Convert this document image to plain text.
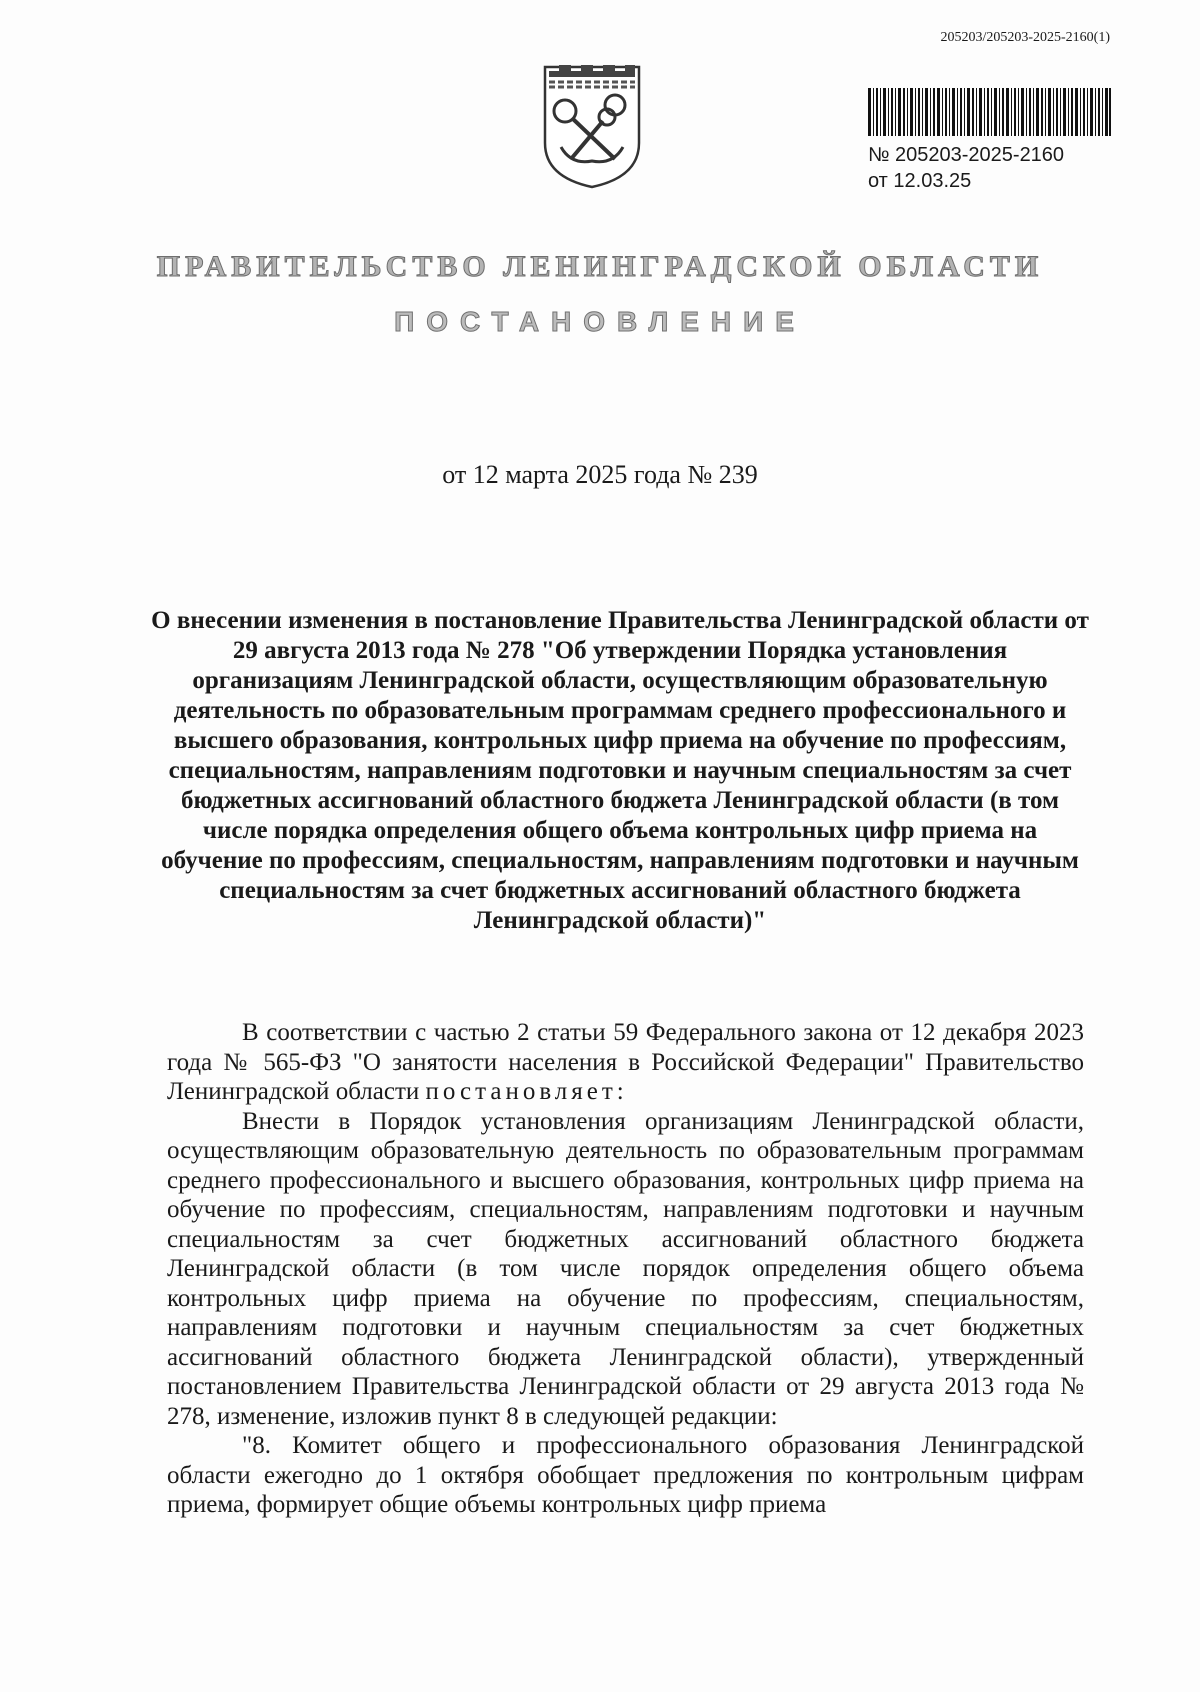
205203/205203-2025-2160(1)
№ 205203-2025-2160
от 12.03.25
ПРАВИТЕЛЬСТВО ЛЕНИНГРАДСКОЙ ОБЛАСТИ
ПОСТАНОВЛЕНИЕ
от 12 марта 2025 года № 239
О внесении изменения в постановление Правительства Ленинградской области от 29 августа 2013 года № 278 "Об утверждении Порядка установления организациям Ленинградской области, осуществляющим образовательную деятельность по образовательным программам среднего профессионального и высшего образования, контрольных цифр приема на обучение по профессиям, специальностям, направлениям подготовки и научным специальностям за счет бюджетных ассигнований областного бюджета Ленинградской области (в том числе порядка определения общего объема контрольных цифр приема на обучение по профессиям, специальностям, направлениям подготовки и научным специальностям за счет бюджетных ассигнований областного бюджета Ленинградской области)"

В соответствии с частью 2 статьи 59 Федерального закона от 12 декабря 2023 года № 565-ФЗ "О занятости населения в Российской Федерации" Правительство Ленинградской области постановляет:

Внести в Порядок установления организациям Ленинградской области, осуществляющим образовательную деятельность по образовательным программам среднего профессионального и высшего образования, контрольных цифр приема на обучение по профессиям, специальностям, направлениям подготовки и научным специальностям за счет бюджетных ассигнований областного бюджета Ленинградской области (в том числе порядок определения общего объема контрольных цифр приема на обучение по профессиям, специальностям, направлениям подготовки и научным специальностям за счет бюджетных ассигнований областного бюджета Ленинградской области), утвержденный постановлением Правительства Ленинградской области от 29 августа 2013 года № 278, изменение, изложив пункт 8 в следующей редакции:

"8. Комитет общего и профессионального образования Ленинградской области ежегодно до 1 октября обобщает предложения по контрольным цифрам приема, формирует общие объемы контрольных цифр приема
